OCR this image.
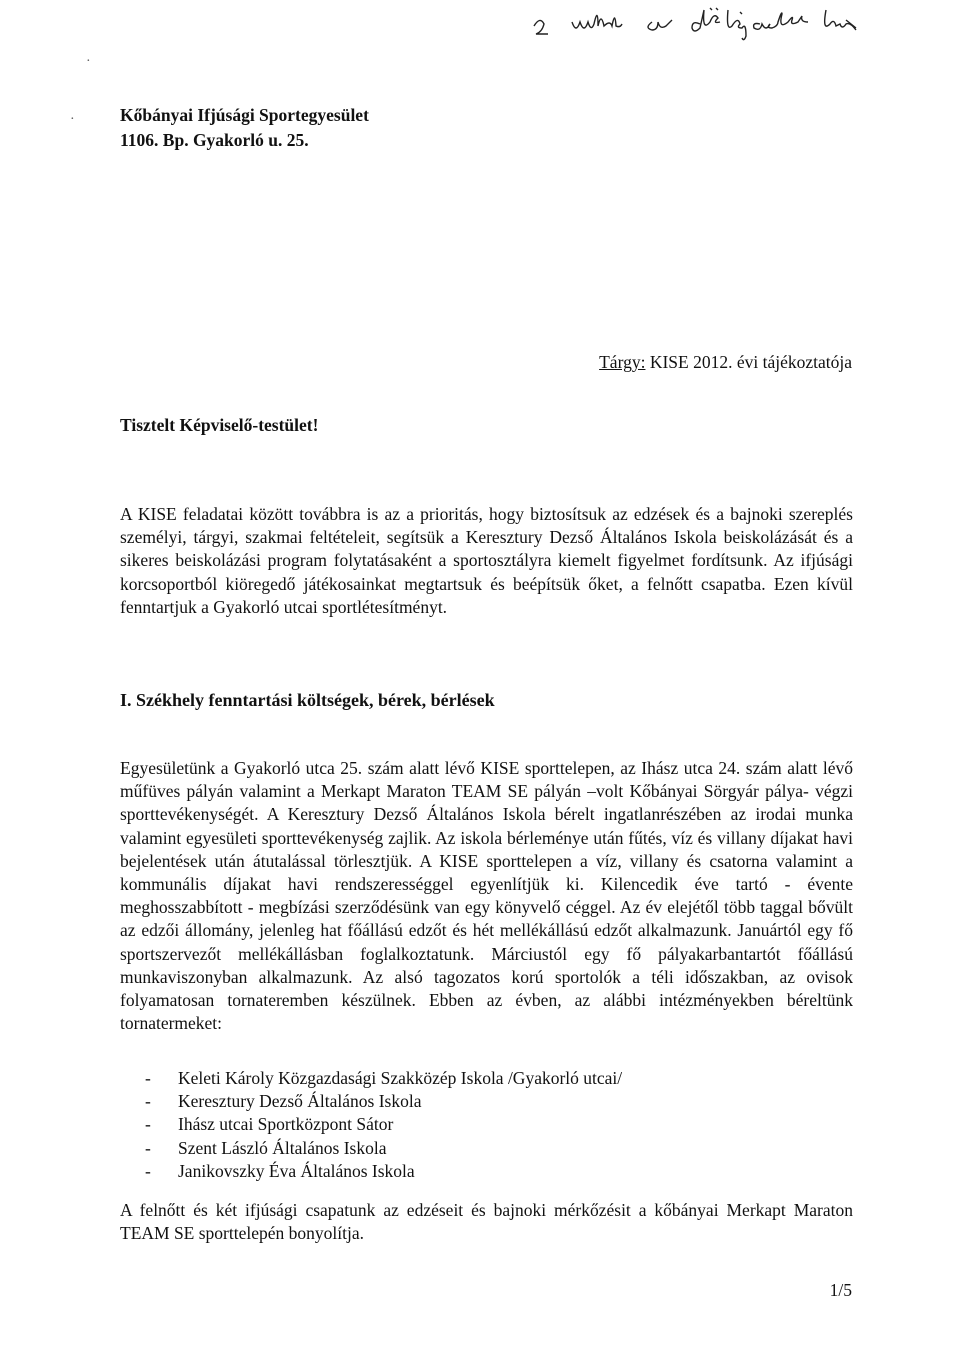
·
·	Kőbányai Ifjúsági Sportegyesület
1106. Bp. Gyakorló u. 25.
Tárgy: KISE 2012. évi tájékoztatója
Tisztelt Képviselő-testület!

A KISE feladatai között továbbra is az a prioritás, hogy biztosítsuk az edzések és a bajnoki szereplés személyi, tárgyi, szakmai feltételeit, segítsük a Keresztury Dezső Általános Iskola beiskolázását és a sikeres beiskolázási program folytatásaként a sportosztályra kiemelt figyelmet fordítsunk. Az ifjúsági korcsoportból kiöregedő játékosainkat megtartsuk és beépítsük őket, a felnőtt csapatba. Ezen kívül fenntartjuk a Gyakorló utcai sportlétesítményt.

I. Székhely fenntartási költségek, bérek, bérlések

Egyesületünk a Gyakorló utca 25. szám alatt lévő KISE sporttelepen, az Ihász utca 24. szám alatt lévő műfüves pályán valamint a Merkapt Maraton TEAM SE pályán –volt Kőbányai Sörgyár pálya- végzi sporttevékenységét. A Keresztury Dezső Általános Iskola bérelt ingatlanrészében az irodai munka valamint egyesületi sporttevékenység zajlik. Az iskola bérleménye után fűtés, víz és villany díjakat havi bejelentések után átutalással törlesztjük. A KISE sporttelepen a víz, villany és csatorna valamint a kommunális díjakat havi rendszerességgel egyenlítjük ki. Kilencedik éve tartó - évente meghosszabbított - megbízási szerződésünk van egy könyvelő céggel. Az év elejétől több taggal bővült az edzői állomány, jelenleg hat főállású edzőt és hét mellékállású edzőt alkalmazunk. Januártól egy fő sportszervezőt mellékállásban foglalkoztatunk. Márciustól egy fő pályakarbantartót főállású munkaviszonyban alkalmazunk. Az alsó tagozatos korú sportolók a téli időszakban, az ovisok folyamatosan tornateremben készülnek. Ebben az évben, az alábbi intézményekben béreltünk tornatermeket:

- Keleti Károly Közgazdasági Szakközép Iskola /Gyakorló utcai/
- Keresztury Dezső Általános Iskola
- Ihász utcai Sportközpont Sátor
- Szent László Általános Iskola
- Janikovszky Éva Általános Iskola

A felnőtt és két ifjúsági csapatunk az edzéseit és bajnoki mérkőzésit a kőbányai Merkapt Maraton TEAM SE sporttelepén bonyolítja.

1/5
